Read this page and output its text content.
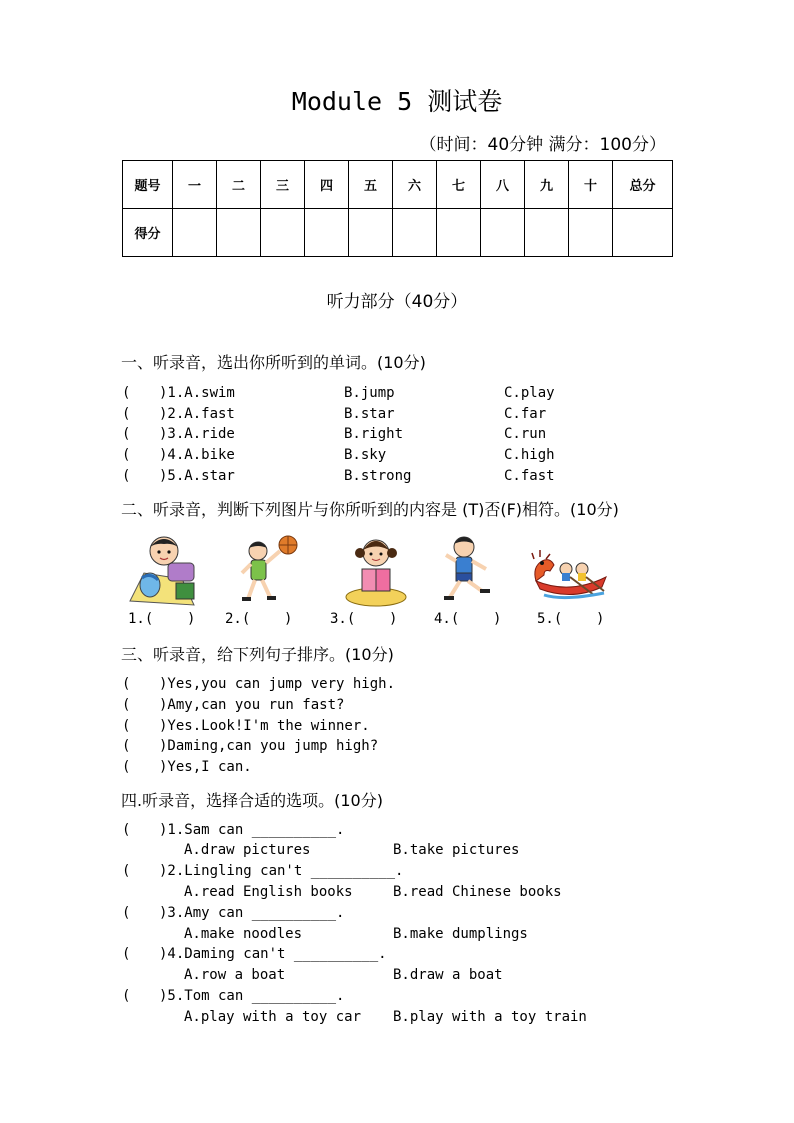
Module 5 测试卷
（时间：40分钟 满分：100分）
题号	一	二	三	四	五	六	七	八	九	十	总分
得分											
听力部分（40分）
一、听录音，选出你所听到的单词。(10分)
(	)1.A.swim	B.jump	C.play
(	)2.A.fast	B.star	C.far
(	)3.A.ride	B.right	C.run
(	)4.A.bike	B.sky	C.high
(	)5.A.star	B.strong	C.fast
二、听录音，判断下列图片与你所听到的内容是 (T)否(F)相符。(10分)
1.(    ) 2.(    )	3.(    )	4.(    )	5.(    )
三、听录音，给下列句子排序。(10分)
(	)Yes,you can jump very high.
(	)Amy,can you run fast?
(	)Yes.Look!I'm the winner.
(	)Daming,can you jump high?
(	)Yes,I can.
四.听录音，选择合适的选项。(10分)
(	)1.Sam can __________.
A.draw pictures	B.take pictures
(	)2.Lingling can't __________.
A.read English books	B.read Chinese books
(	)3.Amy can __________.
A.make noodles	B.make dumplings
(	)4.Daming can't __________.
A.row a boat	B.draw a boat
(	)5.Tom can __________.
A.play with a toy car B.play with a toy train
